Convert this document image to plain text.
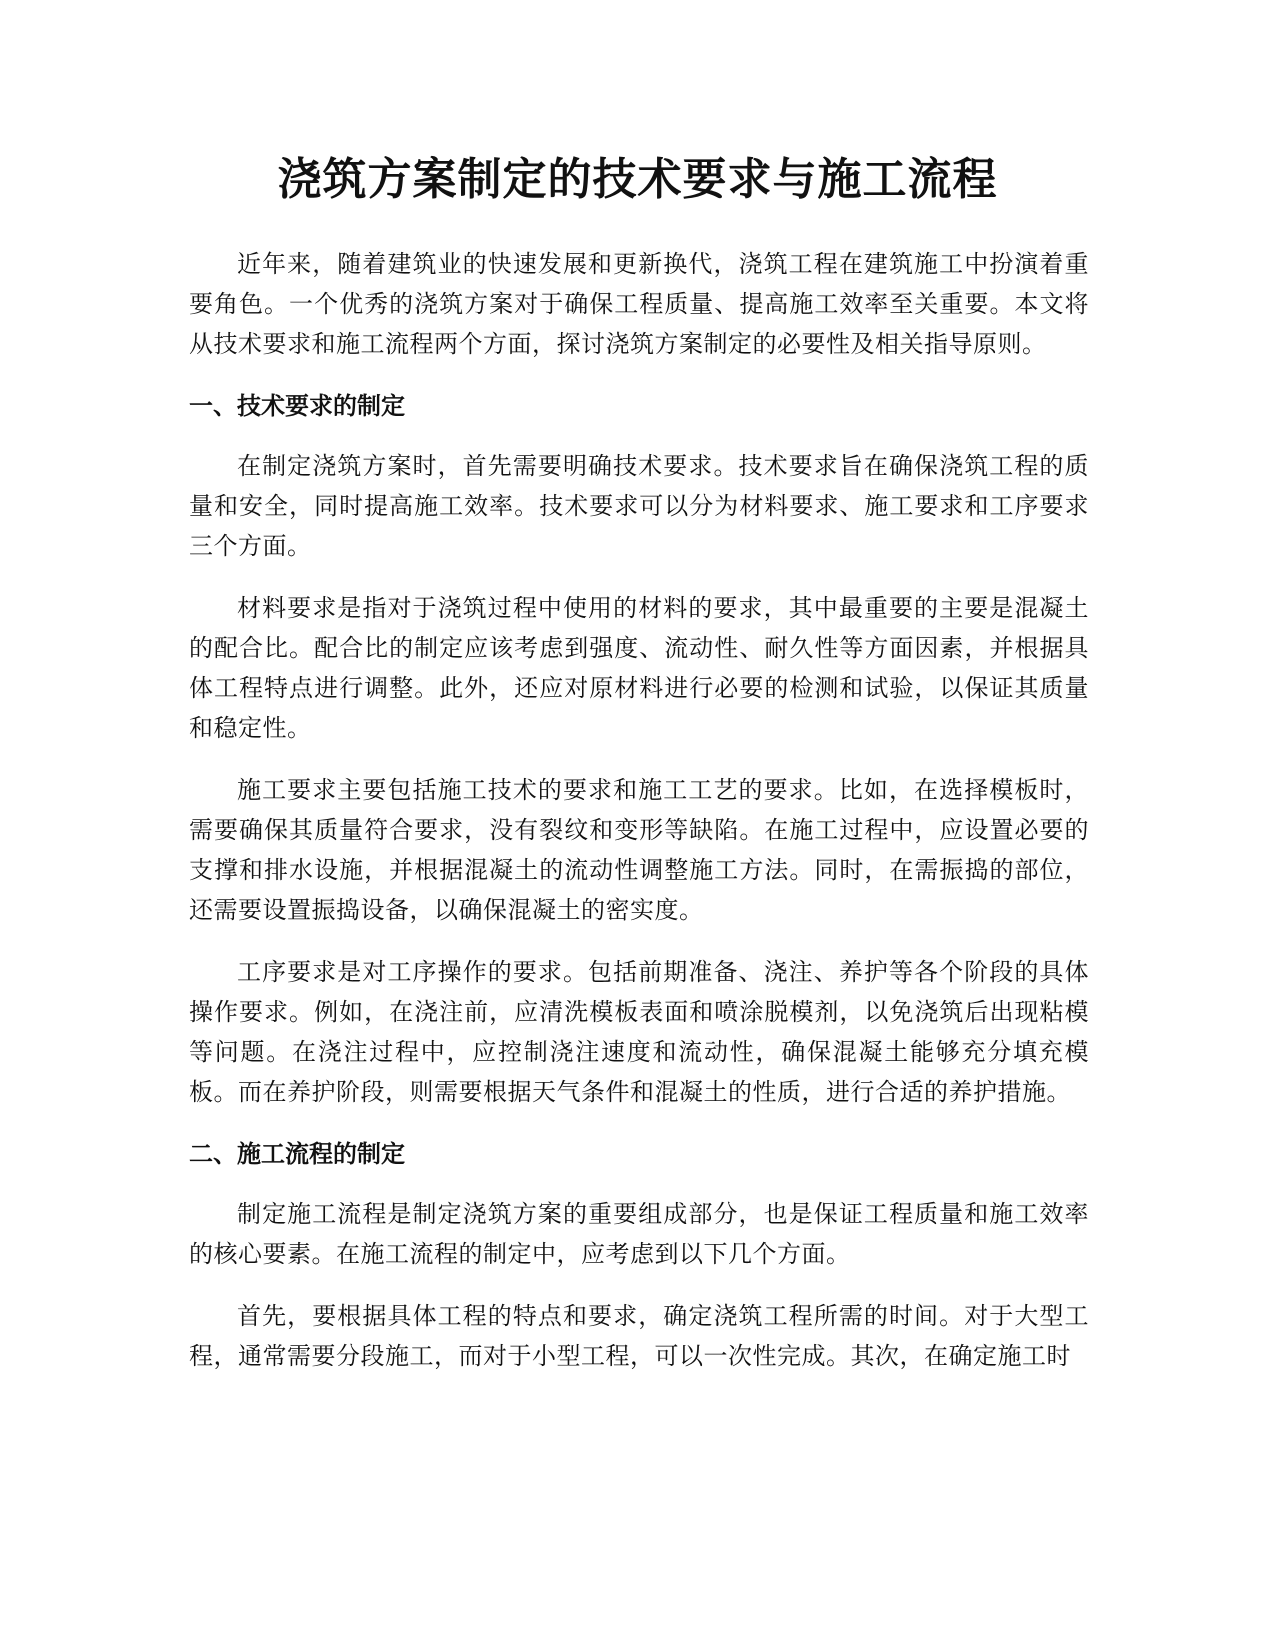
浇筑方案制定的技术要求与施工流程

近年来，随着建筑业的快速发展和更新换代，浇筑工程在建筑施工中扮演着重要角色。一个优秀的浇筑方案对于确保工程质量、提高施工效率至关重要。本文将从技术要求和施工流程两个方面，探讨浇筑方案制定的必要性及相关指导原则。

一、技术要求的制定

在制定浇筑方案时，首先需要明确技术要求。技术要求旨在确保浇筑工程的质量和安全，同时提高施工效率。技术要求可以分为材料要求、施工要求和工序要求三个方面。

材料要求是指对于浇筑过程中使用的材料的要求，其中最重要的主要是混凝土的配合比。配合比的制定应该考虑到强度、流动性、耐久性等方面因素，并根据具体工程特点进行调整。此外，还应对原材料进行必要的检测和试验，以保证其质量和稳定性。

施工要求主要包括施工技术的要求和施工工艺的要求。比如，在选择模板时，需要确保其质量符合要求，没有裂纹和变形等缺陷。在施工过程中，应设置必要的支撑和排水设施，并根据混凝土的流动性调整施工方法。同时，在需振捣的部位，还需要设置振捣设备，以确保混凝土的密实度。

工序要求是对工序操作的要求。包括前期准备、浇注、养护等各个阶段的具体操作要求。例如，在浇注前，应清洗模板表面和喷涂脱模剂，以免浇筑后出现粘模等问题。在浇注过程中，应控制浇注速度和流动性，确保混凝土能够充分填充模板。而在养护阶段，则需要根据天气条件和混凝土的性质，进行合适的养护措施。

二、施工流程的制定

制定施工流程是制定浇筑方案的重要组成部分，也是保证工程质量和施工效率的核心要素。在施工流程的制定中，应考虑到以下几个方面。

首先，要根据具体工程的特点和要求，确定浇筑工程所需的时间。对于大型工程，通常需要分段施工，而对于小型工程，可以一次性完成。其次，在确定施工时
